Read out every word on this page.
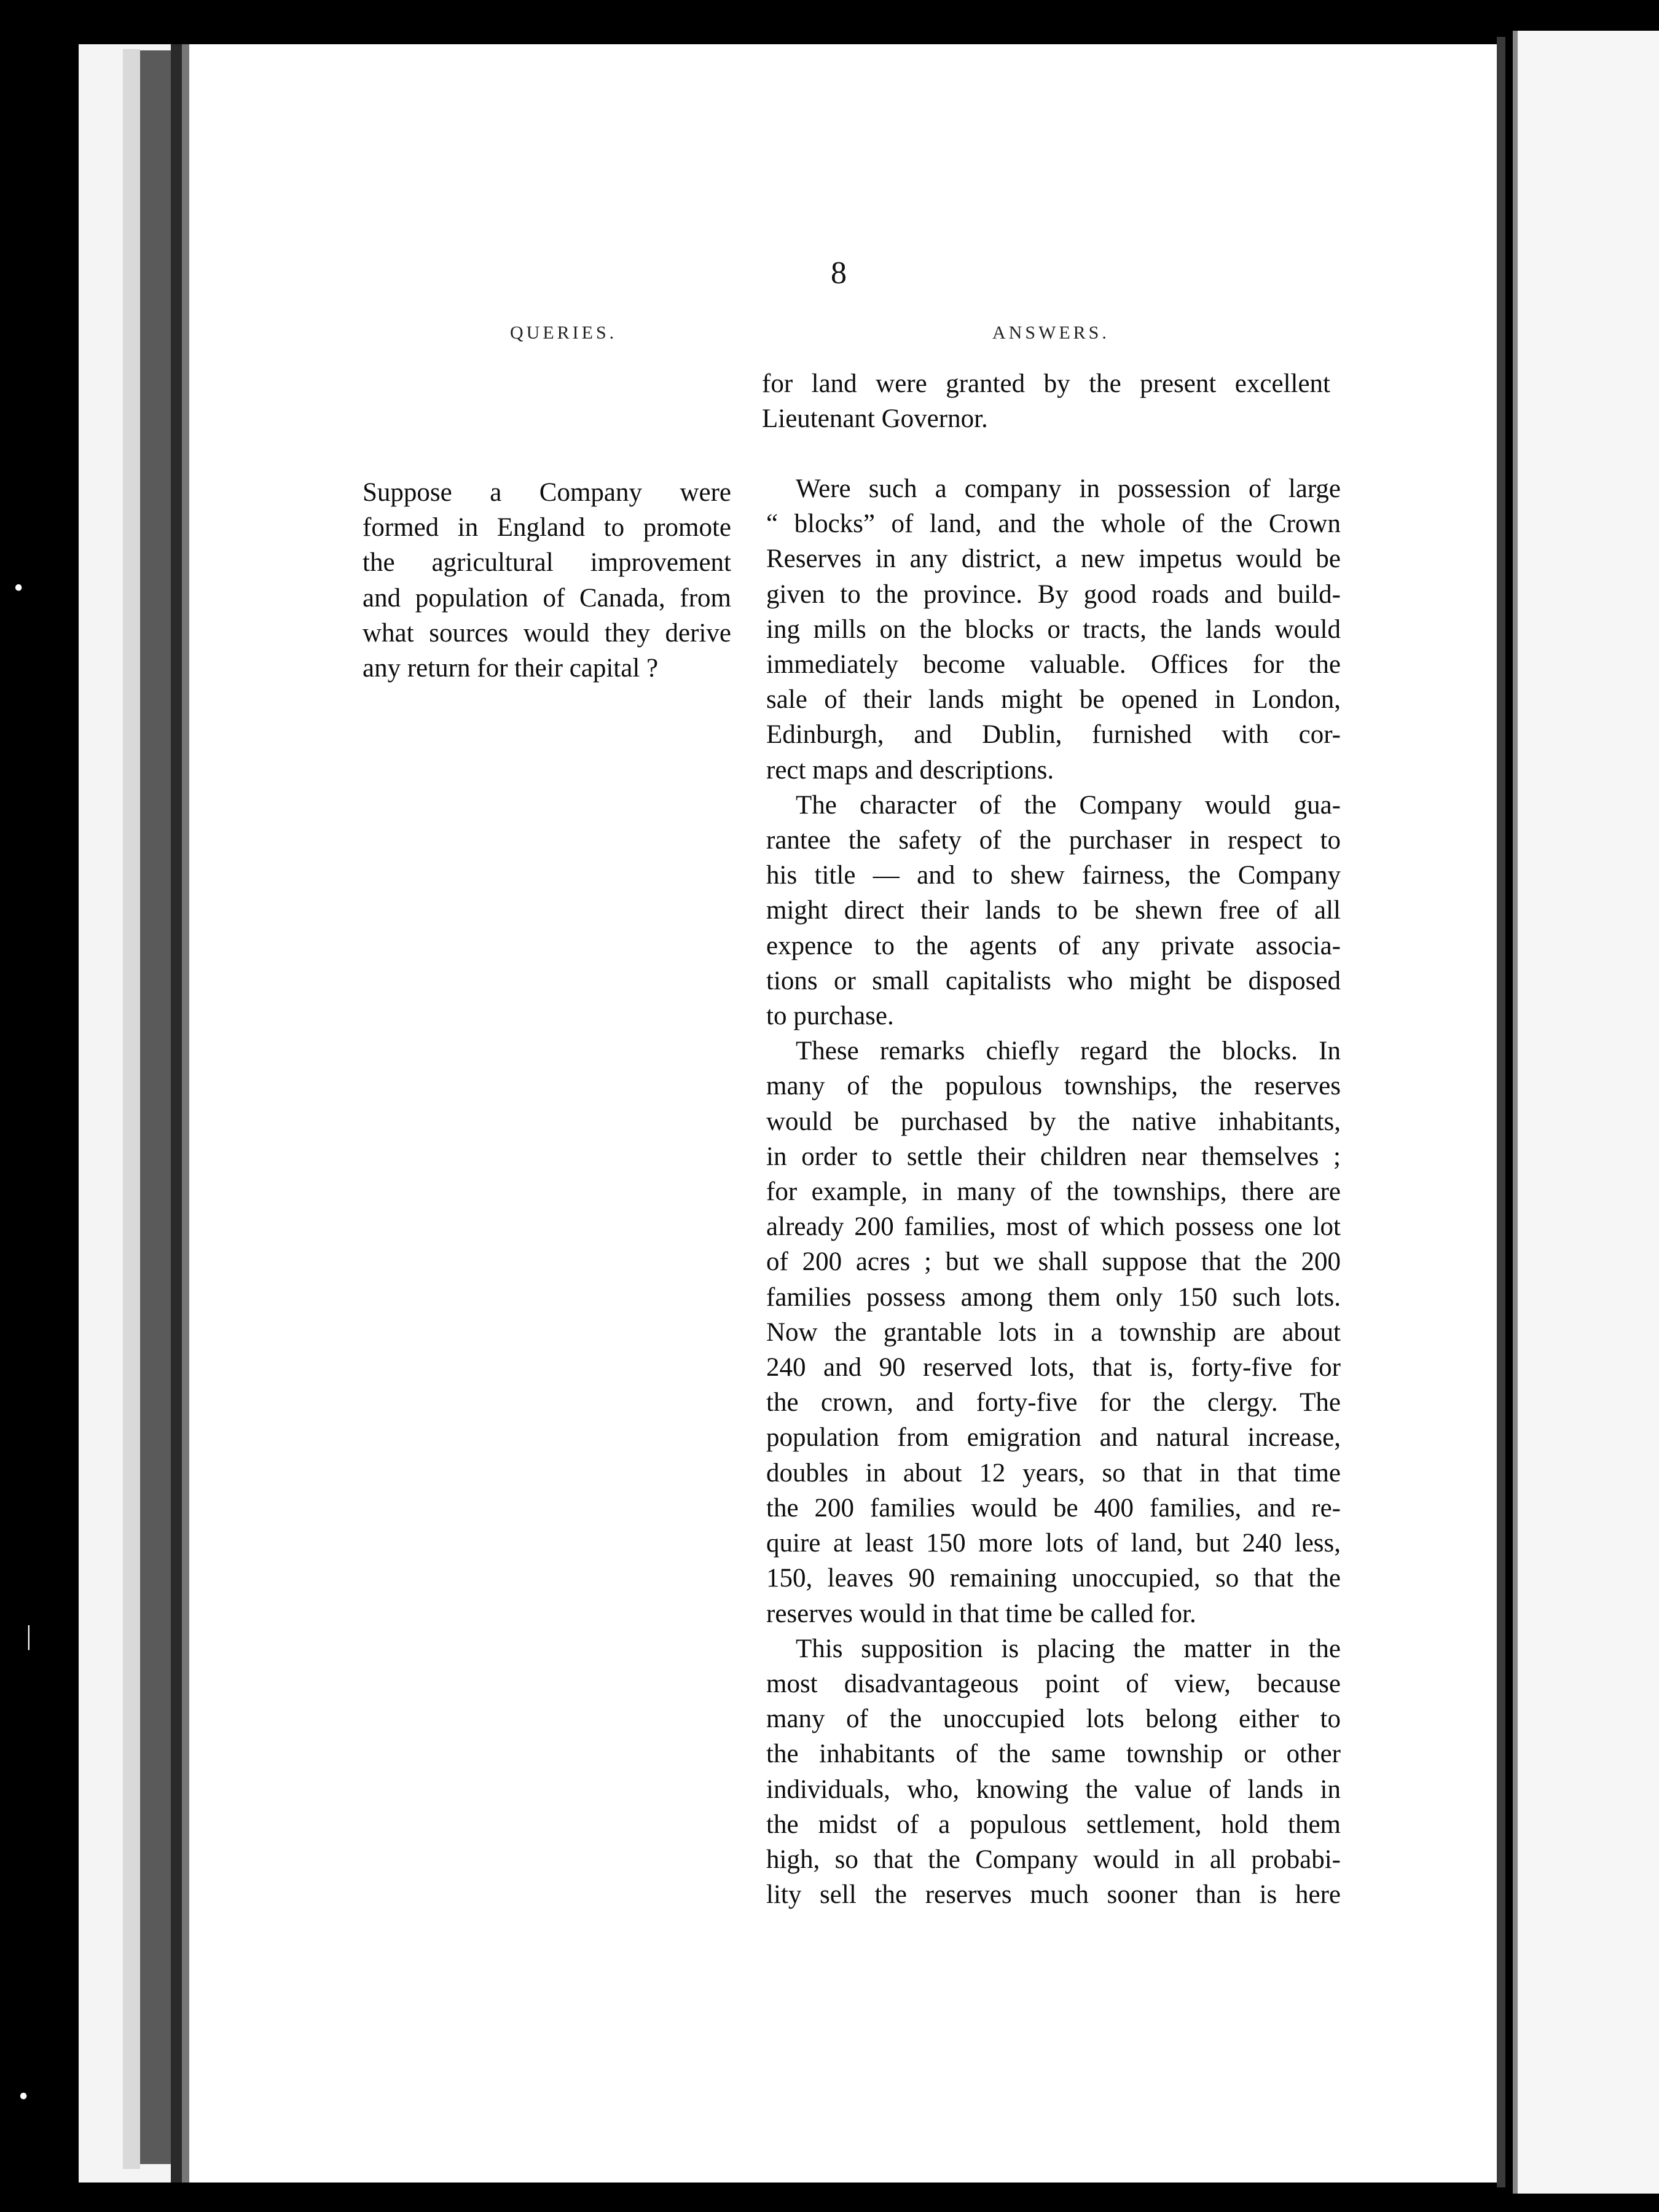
•
|
•
8
QUERIES.	ANSWERS.
Suppose a Company were
formed in England to promote
the agricultural improvement
and population of Canada, from
what sources would they derive
any return for their capital ?
for land were granted by the present excellent
Lieutenant Governor.
Were such a company in possession of large
“ blocks” of land, and the whole of the Crown
Reserves in any district, a new impetus would be
given to the province. By good roads and build-
ing mills on the blocks or tracts, the lands would
immediately become valuable. Offices for the
sale of their lands might be opened in London,
Edinburgh, and Dublin, furnished with cor-
rect maps and descriptions.
The character of the Company would gua-
rantee the safety of the purchaser in respect to
his title — and to shew fairness, the Company
might direct their lands to be shewn free of all
expence to the agents of any private associa-
tions or small capitalists who might be disposed
to purchase.
These remarks chiefly regard the blocks. In
many of the populous townships, the reserves
would be purchased by the native inhabitants,
in order to settle their children near themselves ;
for example, in many of the townships, there are
already 200 families, most of which possess one lot
of 200 acres ; but we shall suppose that the 200
families possess among them only 150 such lots.
Now the grantable lots in a township are about
240 and 90 reserved lots, that is, forty-five for
the crown, and forty-five for the clergy. The
population from emigration and natural increase,
doubles in about 12 years, so that in that time
the 200 families would be 400 families, and re-
quire at least 150 more lots of land, but 240 less,
150, leaves 90 remaining unoccupied, so that the
reserves would in that time be called for.
This supposition is placing the matter in the
most disadvantageous point of view, because
many of the unoccupied lots belong either to
the inhabitants of the same township or other
individuals, who, knowing the value of lands in
the midst of a populous settlement, hold them
high, so that the Company would in all probabi-
lity sell the reserves much sooner than is here
